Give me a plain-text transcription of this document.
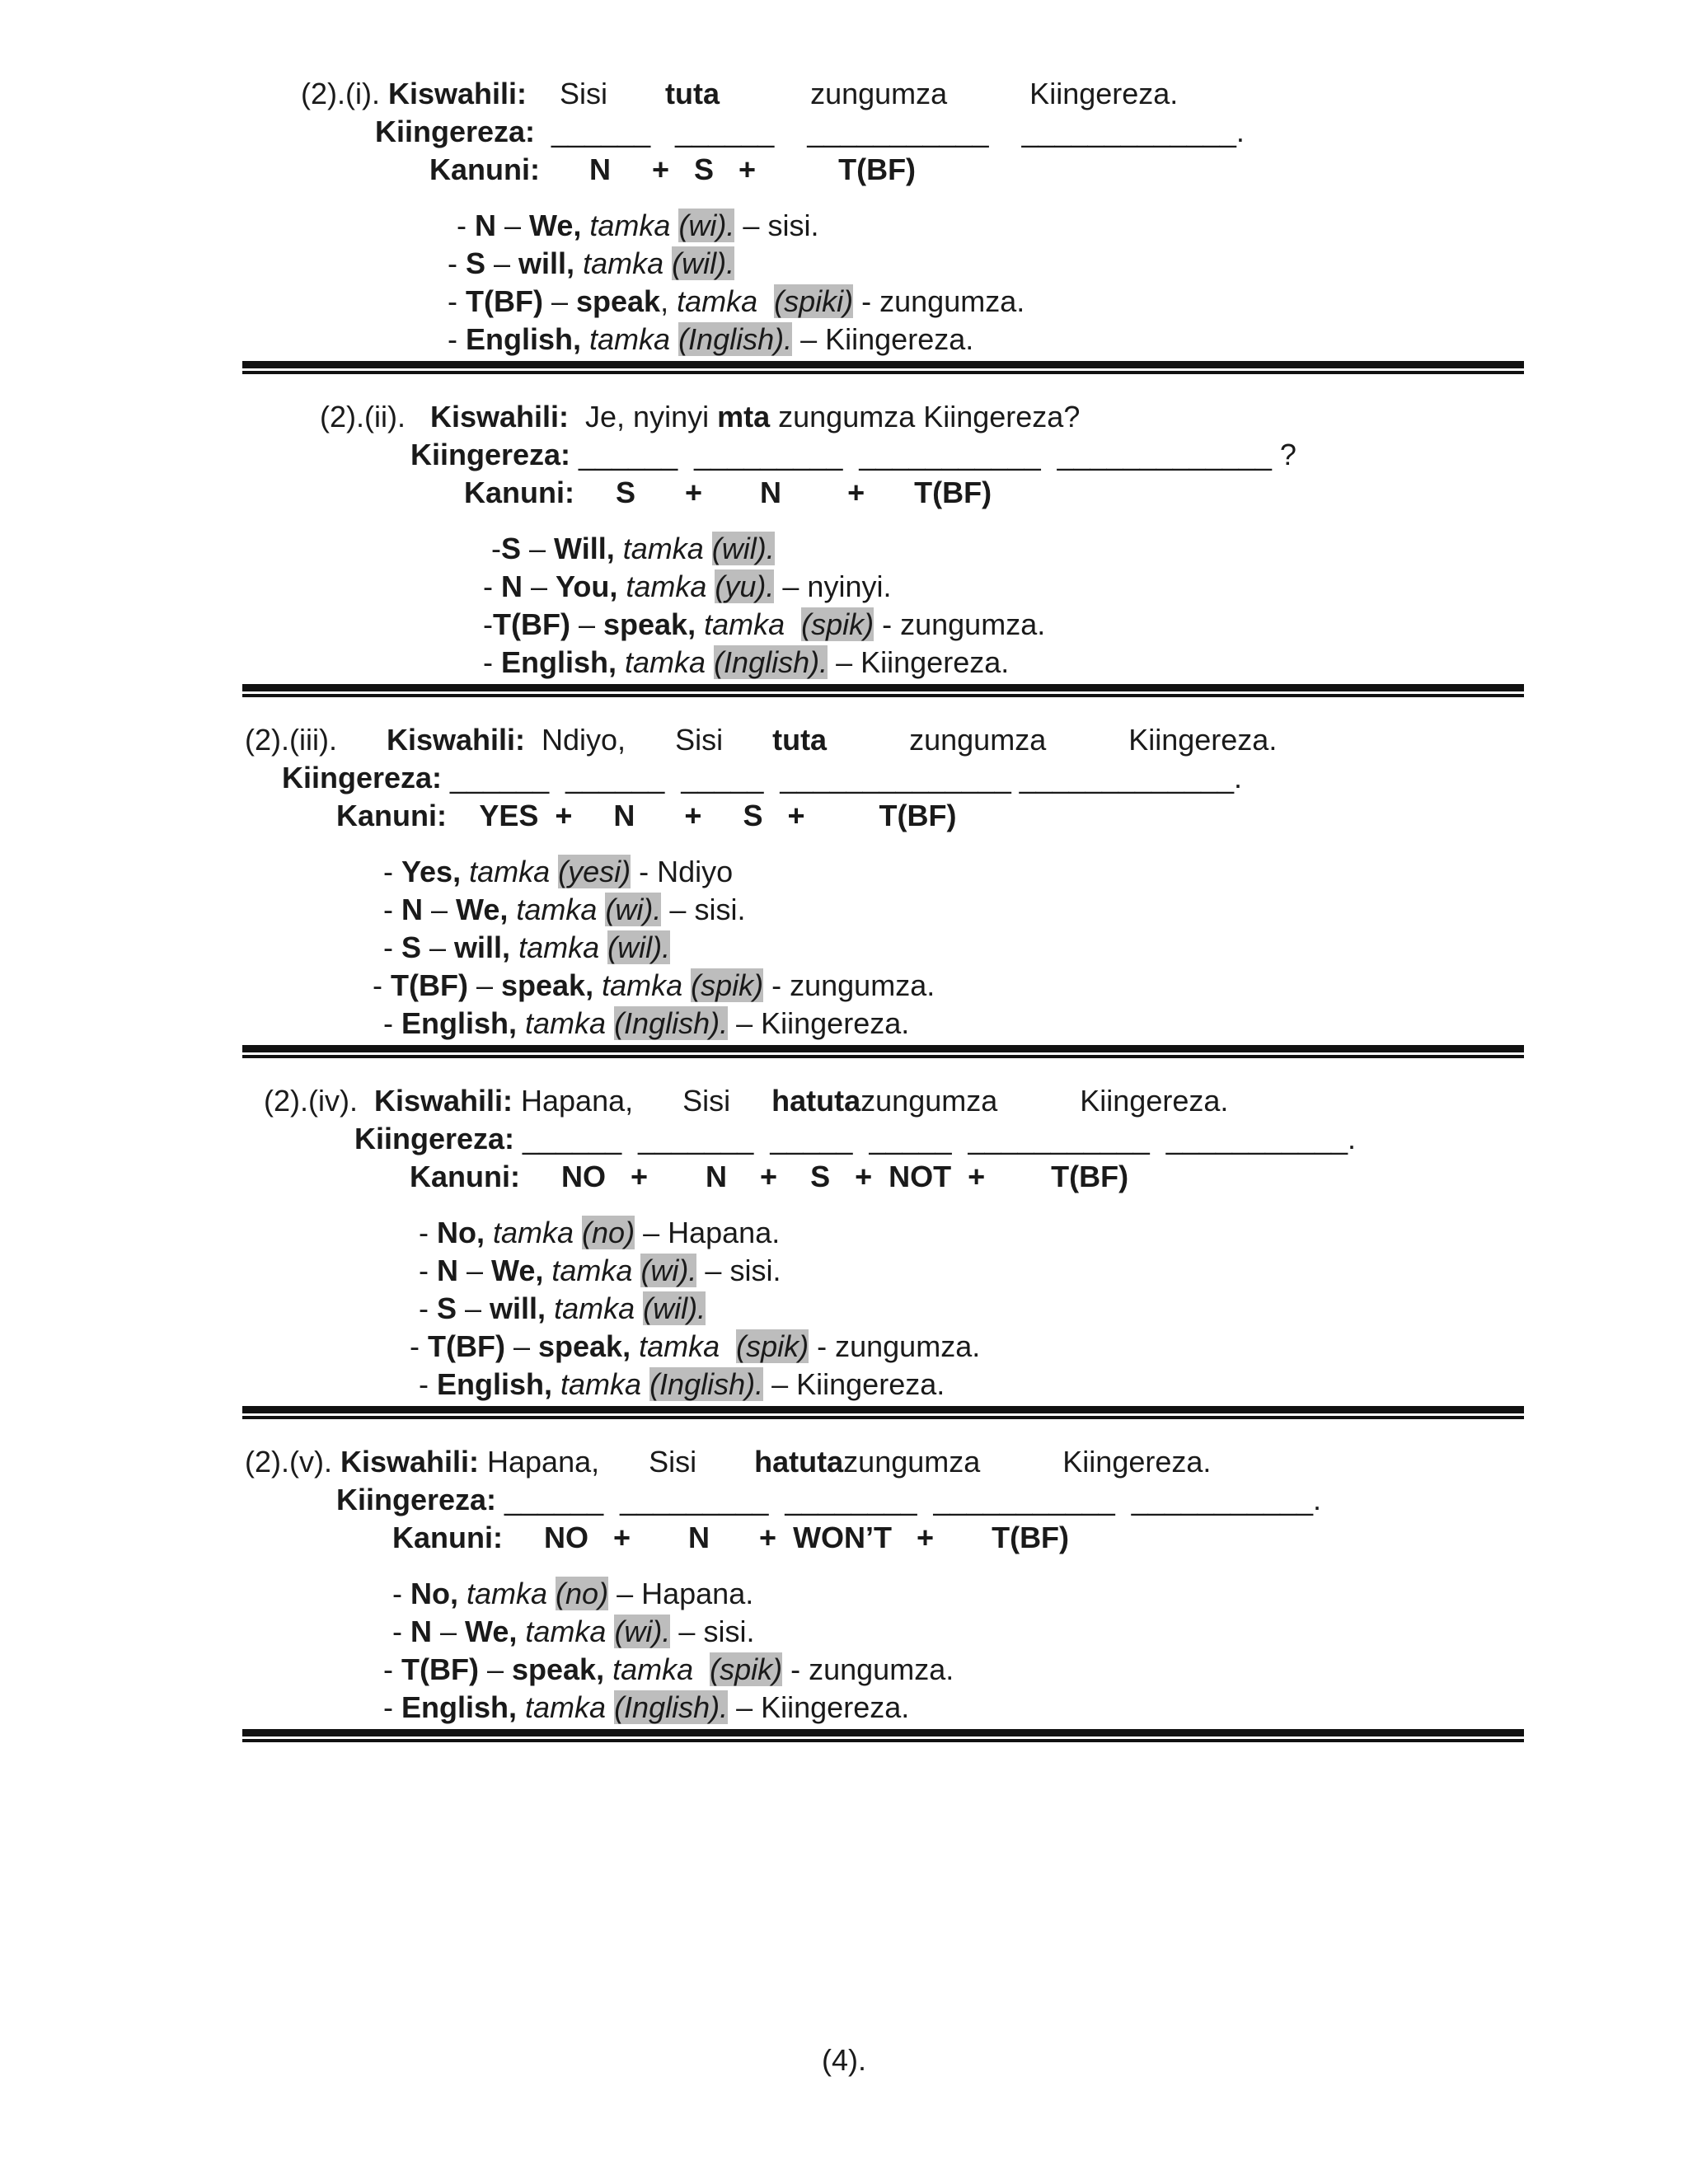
(2).(i). Kiswahili:    Sisi       tuta           zungumza          Kiingereza.
Kiingereza:  ______   ______    ___________    _____________.
Kanuni:      N     +   S   +          T(BF)
- N – We, tamka (wi). – sisi.
- S – will, tamka (wil).
- T(BF) – speak, tamka  (spiki) - zungumza.
- English, tamka (Inglish). – Kiingereza.
(2).(ii).   Kiswahili:  Je, nyinyi mta zungumza Kiingereza?
Kiingereza: ______  _________  ___________  _____________ ?
Kanuni:     S      +       N        +      T(BF)
-S – Will, tamka (wil).
- N – You, tamka (yu). – nyinyi.
-T(BF) – speak, tamka  (spik) - zungumza.
- English, tamka (Inglish). – Kiingereza.
(2).(iii).      Kiswahili:  Ndiyo,      Sisi      tuta          zungumza          Kiingereza.
Kiingereza: ______  ______  _____  ______________ _____________.
Kanuni:    YES  +     N      +     S   +         T(BF)
- Yes, tamka (yesi) - Ndiyo
- N – We, tamka (wi). – sisi.
- S – will, tamka (wil).
- T(BF) – speak, tamka (spik) - zungumza.
- English, tamka (Inglish). – Kiingereza.
(2).(iv).  Kiswahili: Hapana,      Sisi     hatutazungumza          Kiingereza.
Kiingereza: ______  _______  _____  _____  ___________  ___________.
Kanuni:     NO   +       N    +    S   +  NOT  +        T(BF)
- No, tamka (no) – Hapana.
- N – We, tamka (wi). – sisi.
- S – will, tamka (wil).
- T(BF) – speak, tamka  (spik) - zungumza.
- English, tamka (Inglish). – Kiingereza.
(2).(v). Kiswahili: Hapana,      Sisi       hatutazungumza          Kiingereza.
Kiingereza: ______  _________  ________  ___________  ___________.
Kanuni:     NO   +       N      +  WON’T   +       T(BF)
- No, tamka (no) – Hapana.
- N – We, tamka (wi). – sisi.
- T(BF) – speak, tamka  (spik) - zungumza.
- English, tamka (Inglish). – Kiingereza.
(4).
